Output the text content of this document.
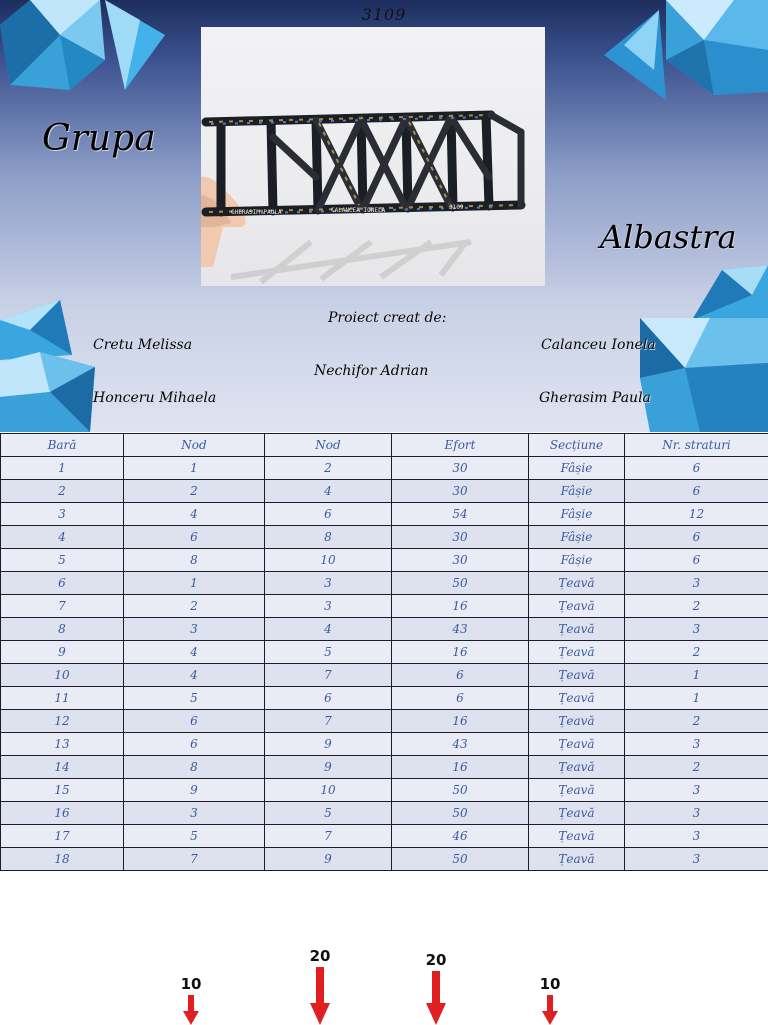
3109
GHERASIM PAULA	CALANCEA IONELA	3109
Grupa
Albastra
Proiect creat de:
Cretu Melissa
Nechifor Adrian
Honceru Mihaela
Calanceu Ionela
Gherasim Paula
Bară	Nod	Nod	Efort	Secțiune	Nr. straturi
1	1	2	30	Fâșie	6
2	2	4	30	Fâșie	6
3	4	6	54	Fâșie	12
4	6	8	30	Fâșie	6
5	8	10	30	Fâșie	6
6	1	3	50	Țeavă	3
7	2	3	16	Țeavă	2
8	3	4	43	Țeavă	3
9	4	5	16	Țeavă	2
10	4	7	6	Țeavă	1
11	5	6	6	Țeavă	1
12	6	7	16	Țeavă	2
13	6	9	43	Țeavă	3
14	8	9	16	Țeavă	2
15	9	10	50	Țeavă	3
16	3	5	50	Țeavă	3
17	5	7	46	Țeavă	3
18	7	9	50	Țeavă	3
10
20	20
10
